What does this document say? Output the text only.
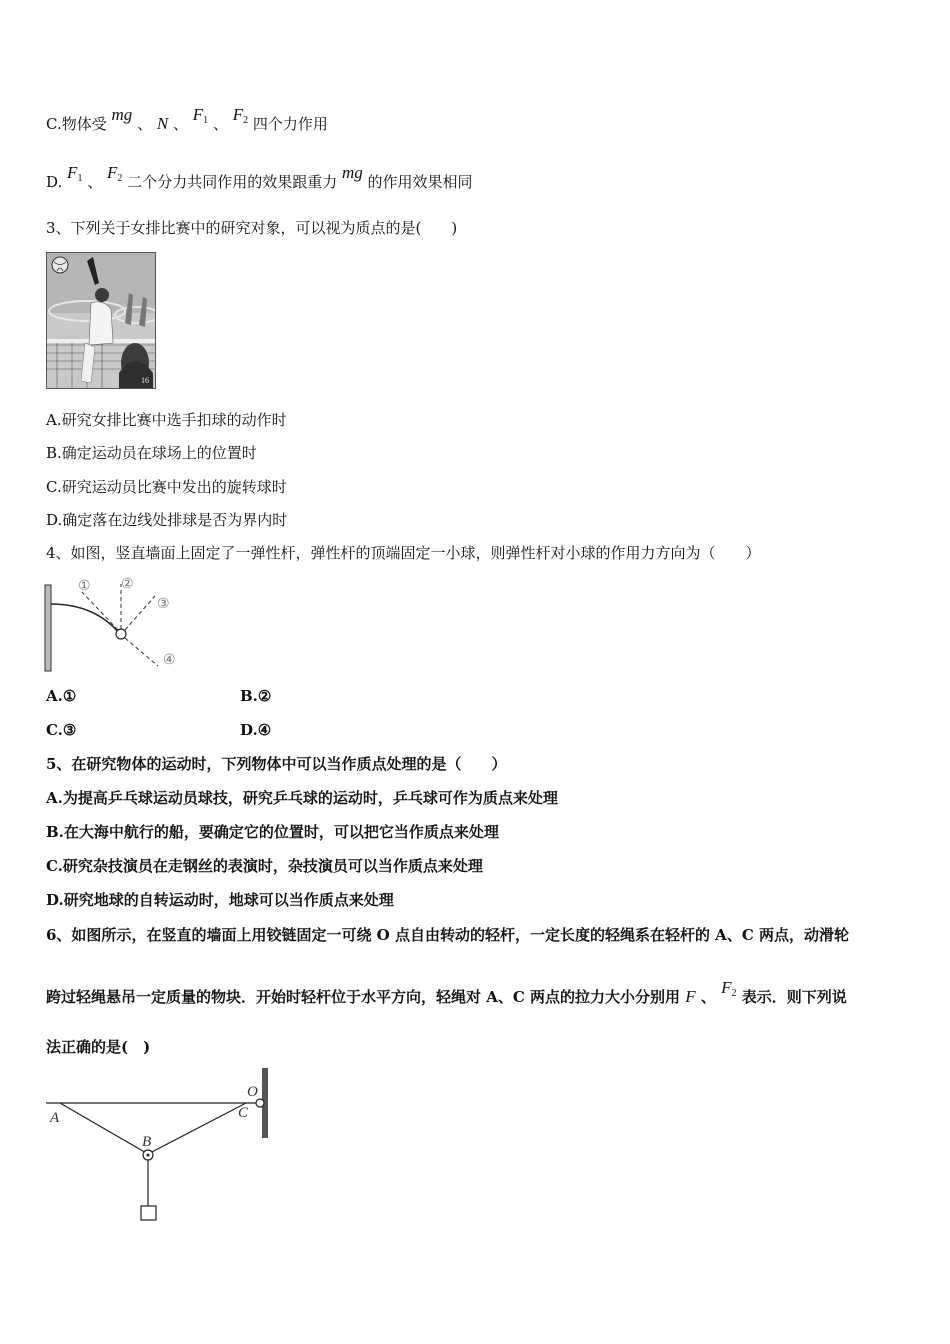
C.物体受 mg 、 N 、 $F_1$ 、 $F_2$ 四个力作用
D. $F_1$ 、 $F_2$ 二个分力共同作用的效果跟重力 mg 的作用效果相同
3、下列关于女排比赛中的研究对象，可以视为质点的是(　　)
16
A.研究女排比赛中选手扣球的动作时
B.确定运动员在球场上的位置时
C.研究运动员比赛中发出的旋转球时
D.确定落在边线处排球是否为界内时
4、如图，竖直墙面上固定了一弹性杆，弹性杆的顶端固定一小球，则弹性杆对小球的作用力方向为（　　）
① ②
③
④
A.①	B.②
C.③	D.④
5、在研究物体的运动时，下列物体中可以当作质点处理的是（　　）
A.为提高乒乓球运动员球技，研究乒乓球的运动时，乒乓球可作为质点来处理
B.在大海中航行的船，要确定它的位置时，可以把它当作质点来处理
C.研究杂技演员在走钢丝的表演时，杂技演员可以当作质点来处理
D.研究地球的自转运动时，地球可以当作质点来处理
6、如图所示，在竖直的墙面上用铰链固定一可绕 O 点自由转动的轻杆，一定长度的轻绳系在轻杆的 A、C 两点，动滑轮
跨过轻绳悬吊一定质量的物块．开始时轻杆位于水平方向，轻绳对 A、C 两点的拉力大小分别用 F 、 $F_2$ 表示．则下列说
法正确的是(　)
O
A
B
C
